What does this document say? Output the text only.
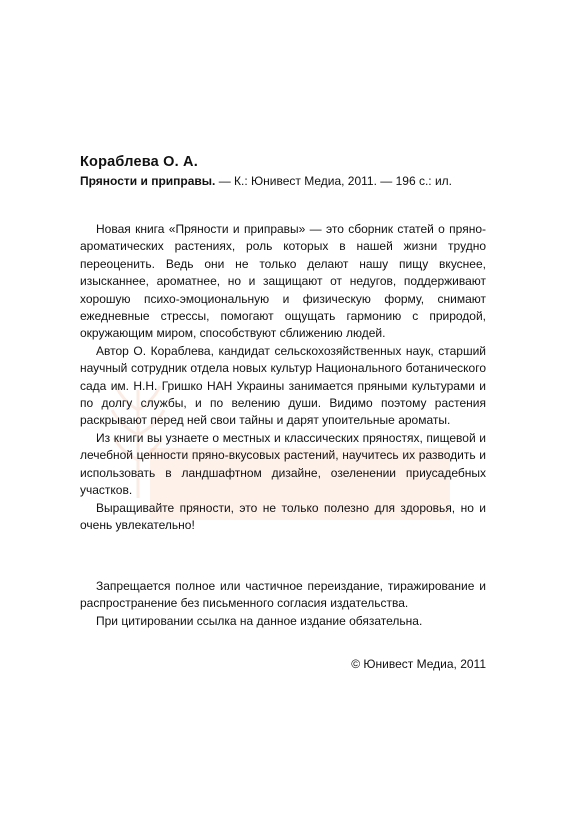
Кораблева О. А.

Пряности и приправы. — К.: Юнивест Медиа, 2011. — 196 с.: ил.

Новая книга «Пряности и приправы» — это сборник статей о пряно-ароматических растениях, роль которых в нашей жизни трудно переоценить. Ведь они не только делают нашу пищу вкуснее, изысканнее, ароматнее, но и защищают от недугов, поддерживают хорошую психо-эмоциональную и физическую форму, снимают ежедневные стрессы, помогают ощущать гармонию с природой, окружающим миром, способствуют сближению людей.

Автор О. Кораблева, кандидат сельскохозяйственных наук, старший научный сотрудник отдела новых культур Национального ботанического сада им. Н.Н. Гришко НАН Украины занимается пряными культурами и по долгу службы, и по велению души. Видимо поэтому растения раскрывают перед ней свои тайны и дарят упоительные ароматы.

Из книги вы узнаете о местных и классических пряностях, пищевой и лечебной ценности пряно-вкусовых растений, научитесь их разводить и использовать в ландшафтном дизайне, озеленении приусадебных участков.

Выращивайте пряности, это не только полезно для здоровья, но и очень увлекательно!

Запрещается полное или частичное переиздание, тиражирование и распространение без письменного согласия издательства.

При цитировании ссылка на данное издание обязательна.

© Юнивест Медиа, 2011
